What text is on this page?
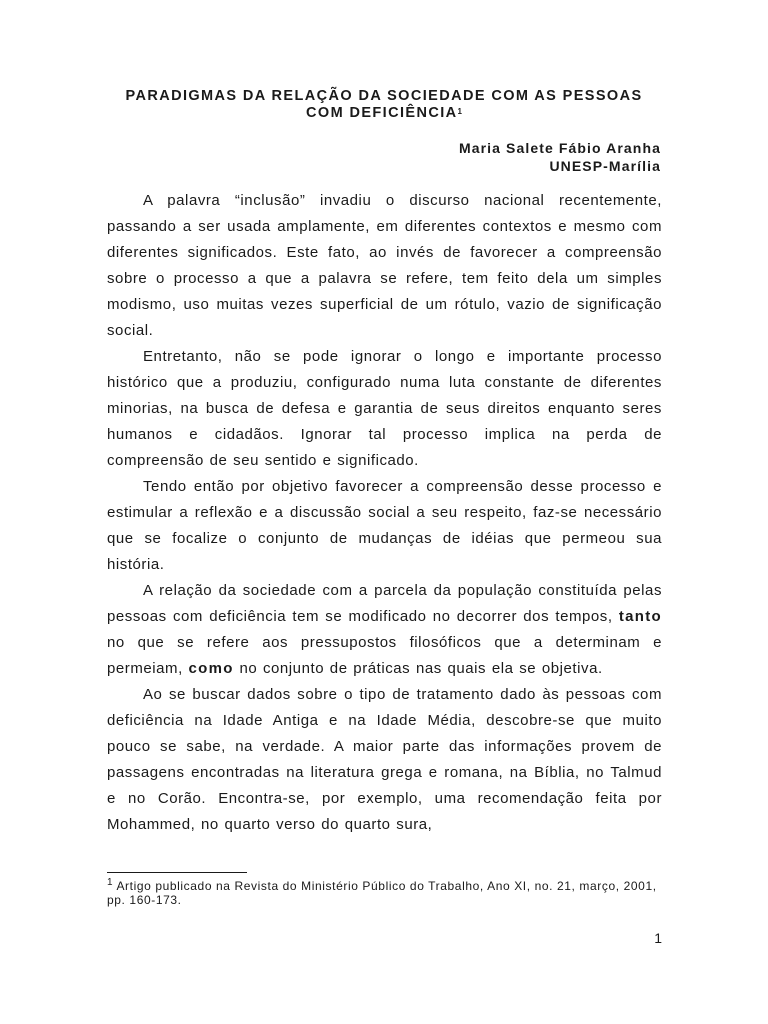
PARADIGMAS DA RELAÇÃO DA SOCIEDADE COM AS PESSOAS
COM DEFICIÊNCIA$^1$
Maria Salete Fábio Aranha
UNESP-Marília

A palavra “inclusão” invadiu o discurso nacional recentemente, passando a ser usada amplamente, em diferentes contextos e mesmo com diferentes significados. Este fato, ao invés de favorecer a compreensão sobre o processo a que a palavra se refere, tem feito dela um simples modismo, uso muitas vezes superficial de um rótulo, vazio de significação social.

Entretanto, não se pode ignorar o longo e importante processo histórico que a produziu, configurado numa luta constante de diferentes minorias, na busca de defesa e garantia de seus direitos enquanto seres humanos e cidadãos. Ignorar tal processo implica na perda de compreensão de seu sentido e significado.

Tendo então por objetivo favorecer a compreensão desse processo e estimular a reflexão e a discussão social a seu respeito, faz-se necessário que se focalize o conjunto de mudanças de idéias que permeou sua história.

A relação da sociedade com a parcela da população constituída pelas pessoas com deficiência tem se modificado no decorrer dos tempos, tanto no que se refere aos pressupostos filosóficos que a determinam e permeiam, como no conjunto de práticas nas quais ela se objetiva.

Ao se buscar dados sobre o tipo de tratamento dado às pessoas com deficiência na Idade Antiga e na Idade Média, descobre-se que muito pouco se sabe, na verdade. A maior parte das informações provem de passagens encontradas na literatura grega e romana, na Bíblia, no Talmud e no Corão. Encontra-se, por exemplo, uma recomendação feita por Mohammed, no quarto verso do quarto sura,

$^1$ Artigo publicado na Revista do Ministério Público do Trabalho, Ano XI, no. 21, março, 2001, pp. 160-173.
1
